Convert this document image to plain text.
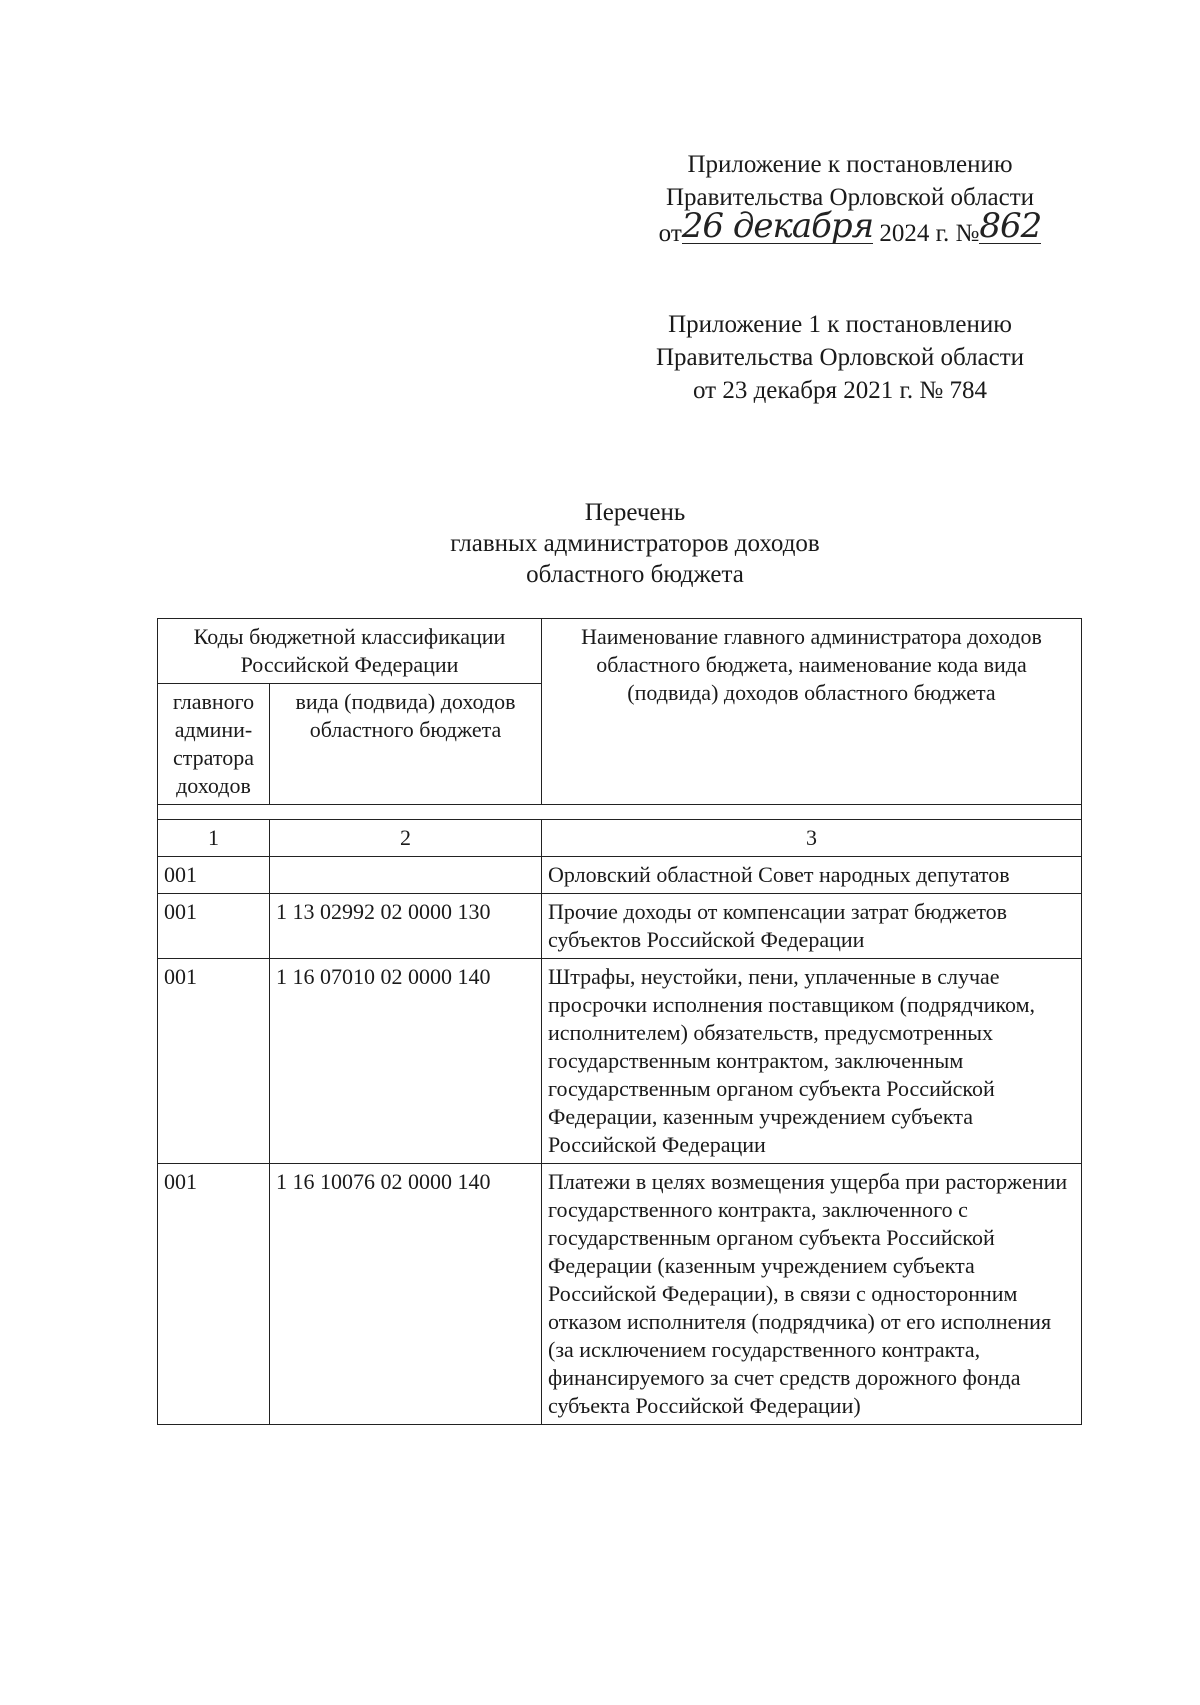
Приложение к постановлению
Правительства Орловской области
от26 декабря 2024 г. №862
Приложение 1 к постановлению
Правительства Орловской области
от 23 декабря 2021 г. № 784
Перечень
главных администраторов доходов
областного бюджета
Коды бюджетной классификации Российской Федерации		Наименование главного администратора доходов областного бюджета, наименование кода вида (подвида) доходов областного бюджета
главного админи-стратора доходов	вида (подвида) доходов областного бюджета	

1	2	3
001		Орловский областной Совет народных депутатов
001	1 13 02992 02 0000 130	Прочие доходы от компенсации затрат бюджетов субъектов Российской Федерации
001	1 16 07010 02 0000 140	Штрафы, неустойки, пени, уплаченные в случае просрочки исполнения поставщиком (подрядчиком, исполнителем) обязательств, предусмотренных государственным контрактом, заключенным государственным органом субъекта Российской Федерации, казенным учреждением субъекта Российской Федерации
001	1 16 10076 02 0000 140	Платежи в целях возмещения ущерба при расторжении государственного контракта, заключенного с государственным органом субъекта Российской Федерации (казенным учреждением субъекта Российской Федерации), в связи с односторонним отказом исполнителя (подрядчика) от его исполнения (за исключением государственного контракта, финансируемого за счет средств дорожного фонда субъекта Российской Федерации)
